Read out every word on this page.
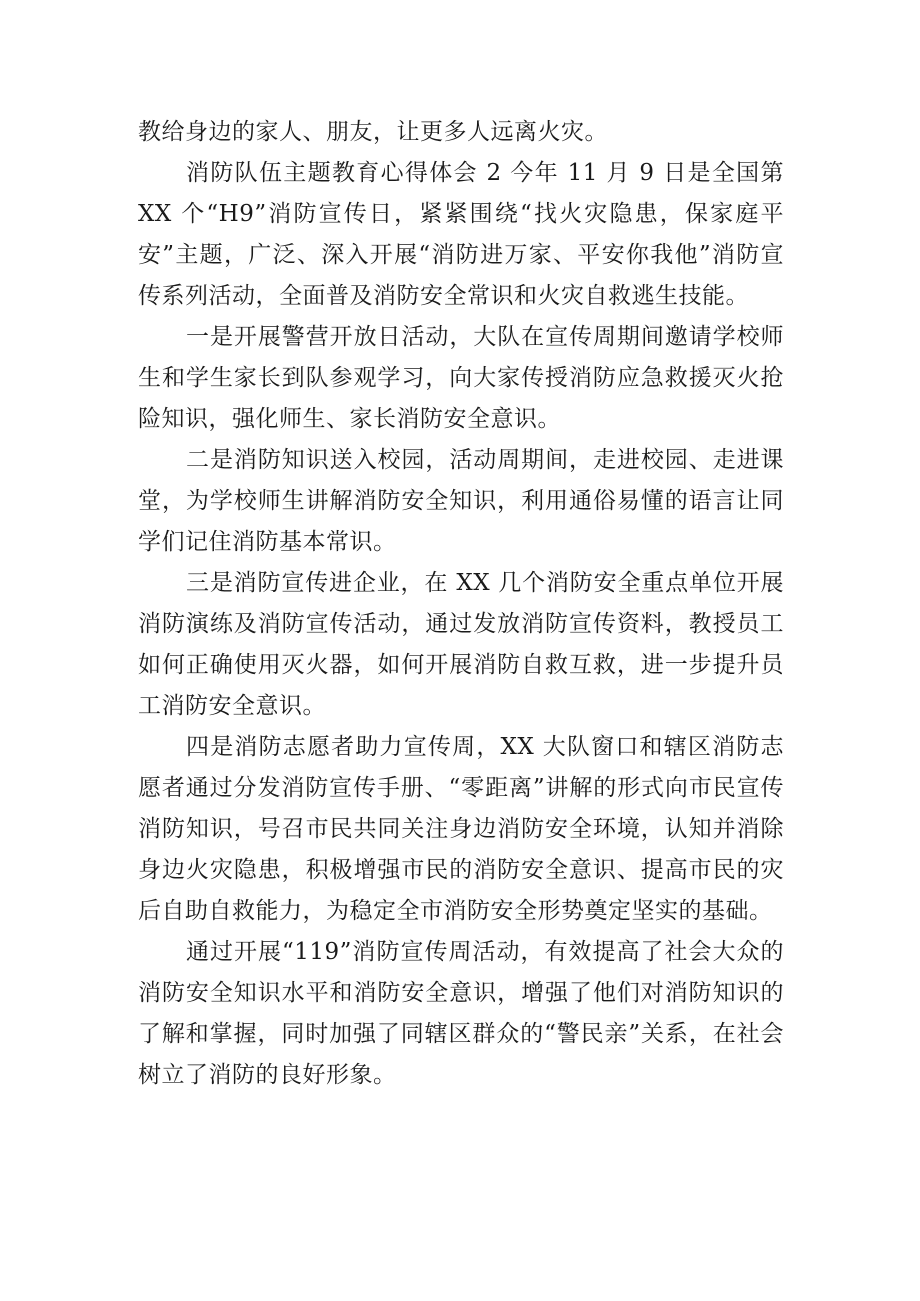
教给身边的家人、朋友，让更多人远离火灾。

消防队伍主题教育心得体会 2 今年 11 月 9 日是全国第 XX 个“H9”消防宣传日，紧紧围绕“找火灾隐患，保家庭平安”主题，广泛、深入开展“消防进万家、平安你我他”消防宣传系列活动，全面普及消防安全常识和火灾自救逃生技能。

一是开展警营开放日活动，大队在宣传周期间邀请学校师生和学生家长到队参观学习，向大家传授消防应急救援灭火抢险知识，强化师生、家长消防安全意识。

二是消防知识送入校园，活动周期间，走进校园、走进课堂，为学校师生讲解消防安全知识，利用通俗易懂的语言让同学们记住消防基本常识。

三是消防宣传进企业，在 XX 几个消防安全重点单位开展消防演练及消防宣传活动，通过发放消防宣传资料，教授员工如何正确使用灭火器，如何开展消防自救互救，进一步提升员工消防安全意识。

四是消防志愿者助力宣传周，XX 大队窗口和辖区消防志愿者通过分发消防宣传手册、“零距离”讲解的形式向市民宣传消防知识，号召市民共同关注身边消防安全环境，认知并消除身边火灾隐患，积极增强市民的消防安全意识、提高市民的灾后自助自救能力，为稳定全市消防安全形势奠定坚实的基础。

通过开展“119”消防宣传周活动，有效提高了社会大众的消防安全知识水平和消防安全意识，增强了他们对消防知识的了解和掌握，同时加强了同辖区群众的“警民亲”关系，在社会树立了消防的良好形象。
